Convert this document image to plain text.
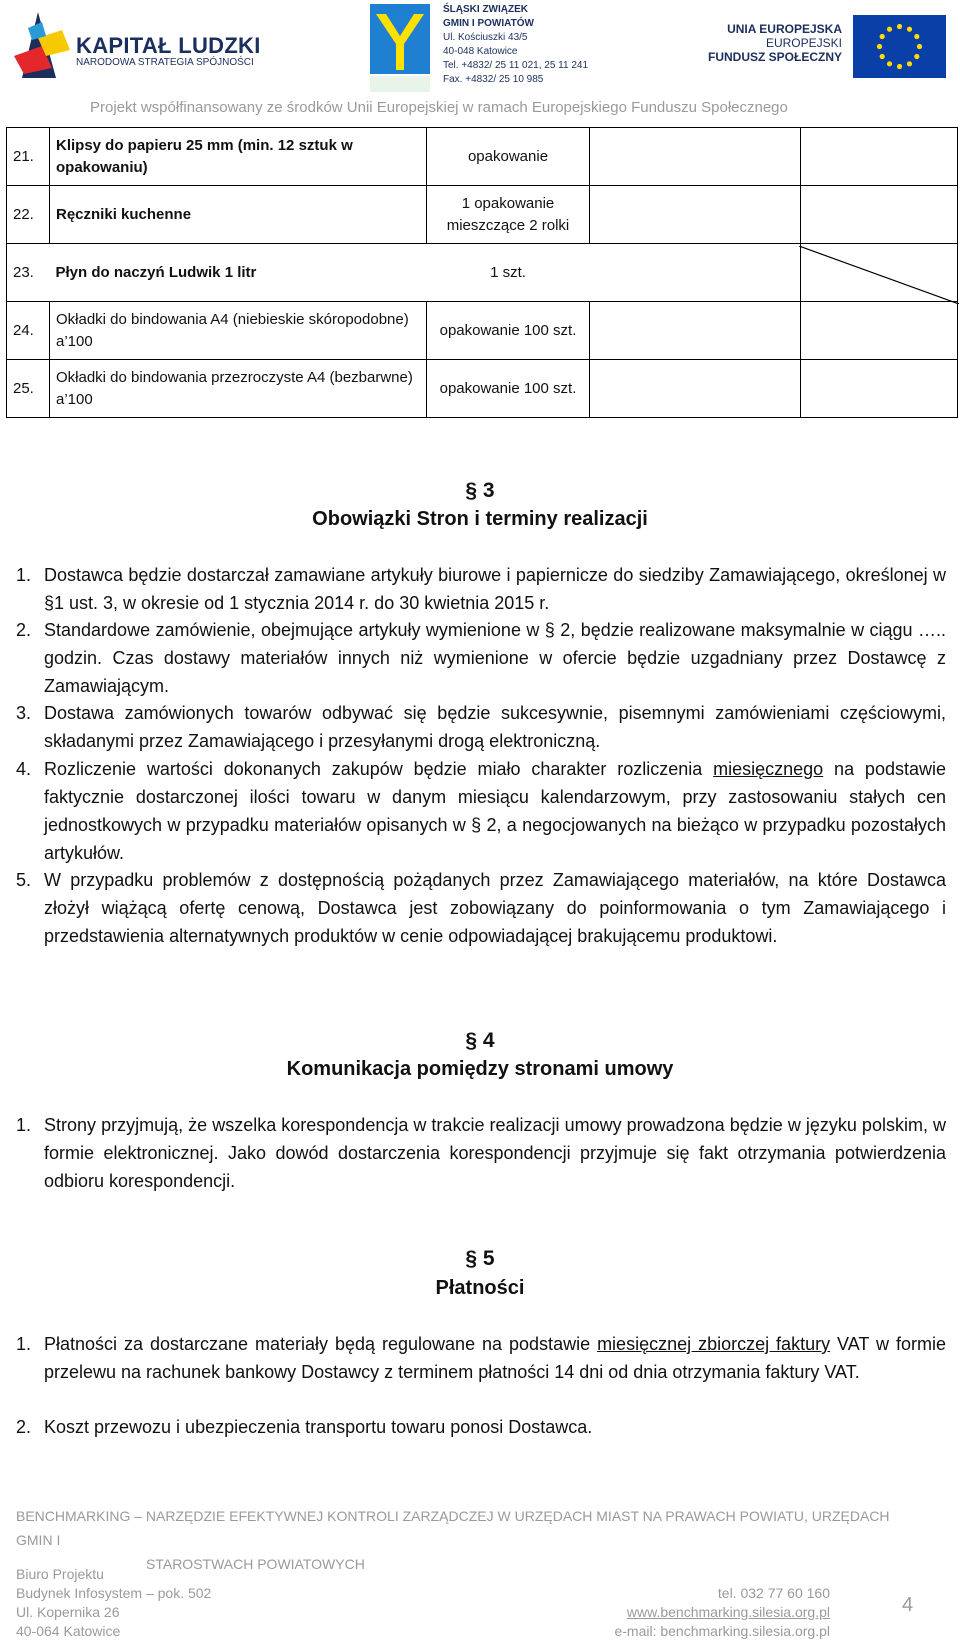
KAPITAŁ LUDZKI
NARODOWA STRATEGIA SPÓJNOŚCI
ŚLĄSKI ZWIĄZEK
GMIN I POWIATÓW
Ul. Kościuszki 43/5
40-048 Katowice
Tel. +4832/ 25 11 021, 25 11 241
Fax. +4832/ 25 10 985
UNIA EUROPEJSKA
EUROPEJSKI
FUNDUSZ SPOŁECZNY
Projekt współfinansowany ze środków Unii Europejskiej w ramach Europejskiego Funduszu Społecznego
21.	Klipsy do papieru 25 mm (min. 12 sztuk w opakowaniu)	opakowanie		
22.	Ręczniki kuchenne	1 opakowanie mieszczące 2 rolki		
23.	Płyn do naczyń Ludwik 1 litr	1 szt.		
24.	Okładki do bindowania A4 (niebieskie skóropodobne) a’100	opakowanie 100 szt.		
25.	Okładki do bindowania przezroczyste A4 (bezbarwne) a’100	opakowanie 100 szt.		
§ 3
Obowiązki Stron i terminy realizacji
1. Dostawca będzie dostarczał zamawiane artykuły biurowe i papiernicze do siedziby Zamawiającego, określonej w §1 ust. 3, w okresie od 1 stycznia 2014 r. do 30 kwietnia 2015 r.
2. Standardowe zamówienie, obejmujące artykuły wymienione w § 2, będzie realizowane maksymalnie w ciągu ….. godzin. Czas dostawy materiałów innych niż wymienione w ofercie będzie uzgadniany przez Dostawcę z Zamawiającym.
3. Dostawa zamówionych towarów odbywać się będzie sukcesywnie, pisemnymi zamówieniami częściowymi, składanymi przez Zamawiającego i przesyłanymi drogą elektroniczną.
4. Rozliczenie wartości dokonanych zakupów będzie miało charakter rozliczenia miesięcznego na podstawie faktycznie dostarczonej ilości towaru w danym miesiącu kalendarzowym, przy zastosowaniu stałych cen jednostkowych w przypadku materiałów opisanych w § 2, a negocjowanych na bieżąco w przypadku pozostałych artykułów.
5. W przypadku problemów z dostępnością pożądanych przez Zamawiającego materiałów, na które Dostawca złożył wiążącą ofertę cenową, Dostawca jest zobowiązany do poinformowania o tym Zamawiającego i przedstawienia alternatywnych produktów w cenie odpowiadającej brakującemu produktowi.
§ 4
Komunikacja pomiędzy stronami umowy
1. Strony przyjmują, że wszelka korespondencja w trakcie realizacji umowy prowadzona będzie w języku polskim, w formie elektronicznej. Jako dowód dostarczenia korespondencji przyjmuje się fakt otrzymania potwierdzenia odbioru korespondencji.
§ 5
Płatności
1. Płatności za dostarczane materiały będą regulowane na podstawie miesięcznej zbiorczej faktury VAT w formie przelewu na rachunek bankowy Dostawcy z terminem płatności 14 dni od dnia otrzymania faktury VAT.
2. Koszt przewozu i ubezpieczenia transportu towaru ponosi Dostawca.
BENCHMARKING – NARZĘDZIE EFEKTYWNEJ KONTROLI ZARZĄDCZEJ W URZĘDACH MIAST NA PRAWACH POWIATU, URZĘDACH GMIN I
STAROSTWACH POWIATOWYCH
Biuro Projektu
Budynek Infosystem – pok. 502
Ul. Kopernika 26
40-064 Katowice
tel. 032 77 60 160
www.benchmarking.silesia.org.pl
e-mail: benchmarking.silesia.org.pl
4
